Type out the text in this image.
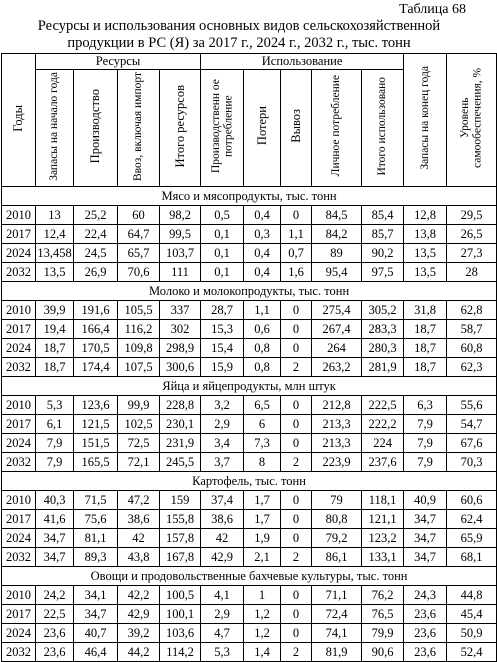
Таблица 68
Ресурсы и использования основных видов сельскохозяйственной
продукции в РС (Я) за 2017 г., 2024 г., 2032 г., тыс. тонн
Годы	Ресурсы				Использование					Запасы на конец года	Уровень самообеспечения, %
	Запасы на начало года	Производство	Ввоз, включая импорт	Итого ресурсов	Производственн ое потребление	Потери	Вывоз	Личное потребление	Итого использовано		
Мясо и мясопродукты, тыс. тонн											
2010	13	25,2	60	98,2	0,5	0,4	0	84,5	85,4	12,8	29,5
2017	12,4	22,4	64,7	99,5	0,1	0,3	1,1	84,2	85,7	13,8	26,5
2024	13,458	24,5	65,7	103,7	0,1	0,4	0,7	89	90,2	13,5	27,3
2032	13,5	26,9	70,6	111	0,1	0,4	1,6	95,4	97,5	13,5	28
Молоко и молокопродукты, тыс. тонн											
2010	39,9	191,6	105,5	337	28,7	1,1	0	275,4	305,2	31,8	62,8
2017	19,4	166,4	116,2	302	15,3	0,6	0	267,4	283,3	18,7	58,7
2024	18,7	170,5	109,8	298,9	15,4	0,8	0	264	280,3	18,7	60,8
2032	18,7	174,4	107,5	300,6	15,9	0,8	2	263,2	281,9	18,7	62,3
Яйца и яйцепродукты, млн штук											
2010	5,3	123,6	99,9	228,8	3,2	6,5	0	212,8	222,5	6,3	55,6
2017	6,1	121,5	102,5	230,1	2,9	6	0	213,3	222,2	7,9	54,7
2024	7,9	151,5	72,5	231,9	3,4	7,3	0	213,3	224	7,9	67,6
2032	7,9	165,5	72,1	245,5	3,7	8	2	223,9	237,6	7,9	70,3
Картофель, тыс. тонн											
2010	40,3	71,5	47,2	159	37,4	1,7	0	79	118,1	40,9	60,6
2017	41,6	75,6	38,6	155,8	38,6	1,7	0	80,8	121,1	34,7	62,4
2024	34,7	81,1	42	157,8	42	1,9	0	79,2	123,2	34,7	65,9
2032	34,7	89,3	43,8	167,8	42,9	2,1	2	86,1	133,1	34,7	68,1
Овощи и продовольственные бахчевые культуры, тыс. тонн											
2010	24,2	34,1	42,2	100,5	4,1	1	0	71,1	76,2	24,3	44,8
2017	22,5	34,7	42,9	100,1	2,9	1,2	0	72,4	76,5	23,6	45,4
2024	23,6	40,7	39,2	103,6	4,7	1,2	0	74,1	79,9	23,6	50,9
2032	23,6	46,4	44,2	114,2	5,3	1,4	2	81,9	90,6	23,6	52,4
